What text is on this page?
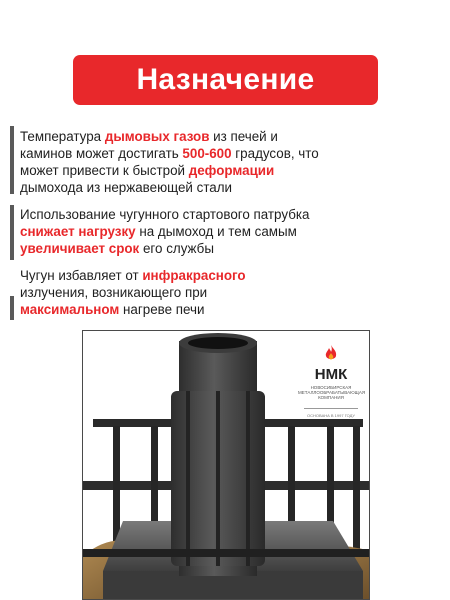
Назначение

Температура дымовых газов из печей и каминов может достигать 500-600 градусов, что может привести к быстрой деформации дымохода из нержавеющей стали

Использование чугунного стартового патрубка снижает нагрузку на дымоход и тем самым увеличивает срок его службы

Чугун избавляет от инфракрасного излучения, возникающего при максимальном нагреве печи

НМК
НОВОСИБИРСКАЯ МЕТАЛЛООБРАБАТЫВАЮЩАЯ КОМПАНИЯ
ОСНОВАНА В 1997 ГОДУ
